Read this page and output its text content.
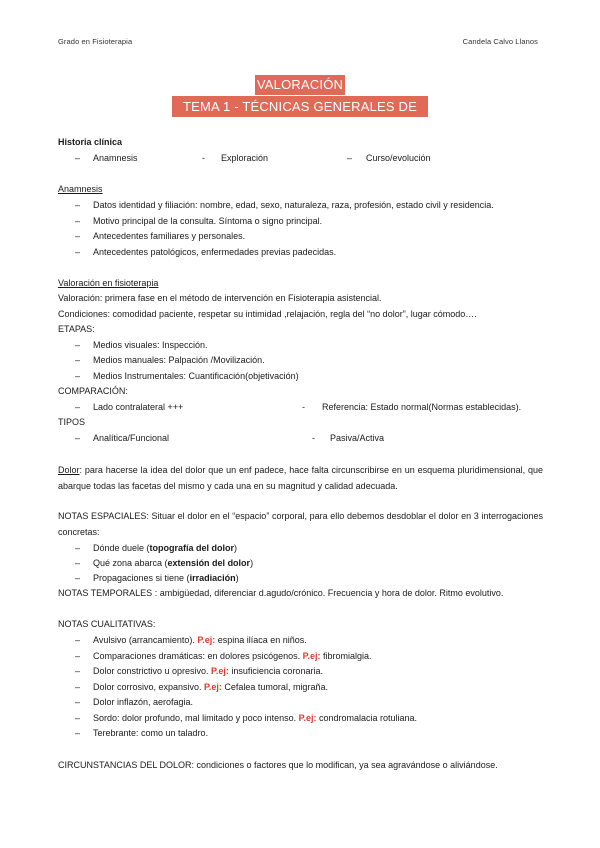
Grado en Fisioterapia	Candela Calvo Llanos
VALORACIÓN
TEMA 1 - TÉCNICAS GENERALES DE EXPLORACIÓN
Historia clínica
– Anamnesis	- Exploración	– Curso/evolución
Anamnesis
– Datos identidad y filiación: nombre, edad, sexo, naturaleza, raza, profesión, estado civil y residencia.
– Motivo principal de la consulta. Síntoma o signo principal.
– Antecedentes familiares y personales.
– Antecedentes patológicos, enfermedades previas padecidas.
Valoración en fisioterapia
Valoración: primera fase en el método de intervención en Fisioterapia asistencial.
Condiciones: comodidad paciente, respetar su intimidad ,relajación, regla del “no dolor”, lugar cómodo….
ETAPAS:
– Medios visuales: Inspección.
– Medios manuales: Palpación /Movilización.
– Medios Instrumentales: Cuantificación(objetivación)
COMPARACIÓN:
– Lado contralateral +++	- Referencia: Estado normal(Normas establecidas).
TIPOS
– Analítica/Funcional	- Pasiva/Activa
Dolor: para hacerse la idea del dolor que un enf padece, hace falta circunscribirse en un esquema pluridimensional, que abarque todas las facetas del mismo y cada una en su magnitud y calidad adecuada.
NOTAS ESPACIALES: Situar el dolor en el “espacio” corporal, para ello debemos desdoblar el dolor en 3 interrogaciones concretas:
– Dónde duele (topografía del dolor)
– Qué zona abarca (extensión del dolor)
– Propagaciones si tiene (irradiación)
NOTAS TEMPORALES : ambigüedad, diferenciar d.agudo/crónico. Frecuencia y hora de dolor. Ritmo evolutivo.
NOTAS CUALITATIVAS:
– Avulsivo (arrancamiento). P.ej: espina ilíaca en niños.
– Comparaciones dramáticas: en dolores psicógenos. P.ej: fibromialgia.
– Dolor constrictivo u opresivo. P.ej: insuficiencia coronaria.
– Dolor corrosivo, expansivo. P.ej: Cefalea tumoral, migraña.
– Dolor inflazón, aerofagia.
– Sordo: dolor profundo, mal limitado y poco intenso. P.ej: condromalacia rotuliana.
– Terebrante: como un taladro.
CIRCUNSTANCIAS DEL DOLOR: condiciones o factores que lo modifican, ya sea agravándose o aliviándose.
